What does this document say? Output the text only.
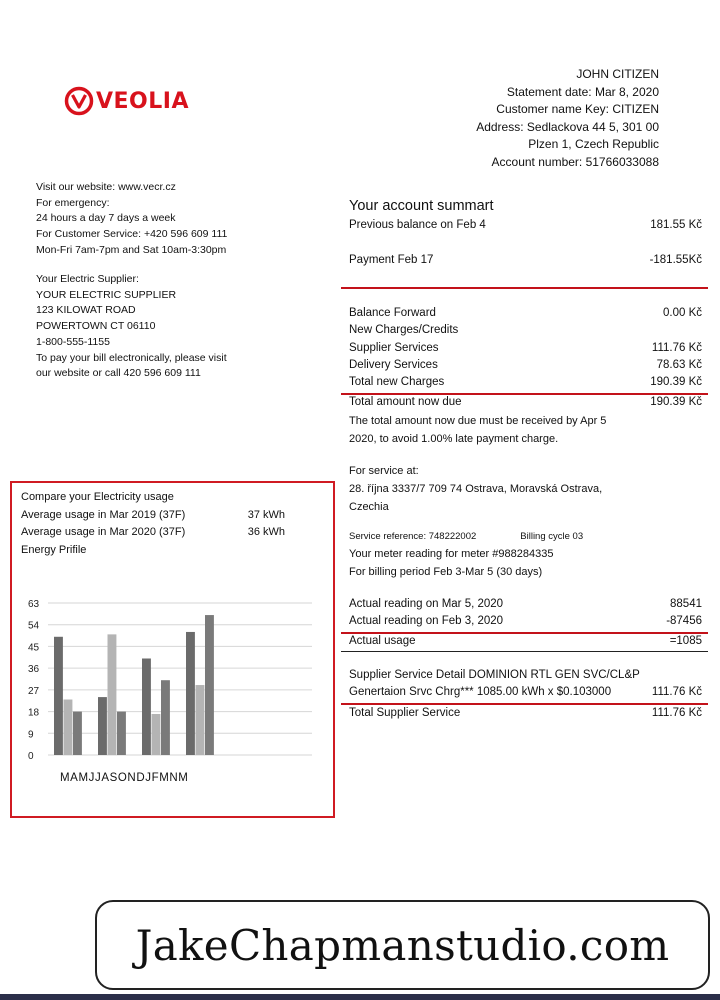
VEOLIA
JOHN CITIZEN
Statement date: Mar 8, 2020
Customer name Key: CITIZEN
Address: Sedlackova 44 5, 301 00
Plzen 1, Czech Republic
Account number: 51766033088
Visit our website: www.vecr.cz
For emergency:
24 hours a day 7 days a week
For Customer Service: +420 596 609 111
Mon-Fri 7am-7pm and Sat 10am-3:30pm
Your Electric Supplier:
YOUR ELECTRIC SUPPLIER
123 KILOWAT ROAD
POWERTOWN CT 06110
1-800-555-1155
To pay your bill electronically, please visit
our website or call 420 596 609 111
Your account summart
Previous balance on Feb 4	181.55 Kč
Payment Feb 17	-181.55Kč
Balance Forward	0.00 Kč
New Charges/Credits
Supplier Services	111.76 Kč
Delivery Services	78.63 Kč
Total new Charges	190.39 Kč
Total amount now due	190.39 Kč
The total amount now due must be received by Apr 5
2020, to avoid 1.00% late payment charge.
For service at:
28. října 3337/7 709 74 Ostrava, Moravská Ostrava,
Czechia
Service reference: 748222002	Billing cycle 03
Your meter reading for meter #988284335
For billing period Feb 3-Mar 5 (30 days)
Actual reading on Mar 5, 2020	88541
Actual reading on Feb 3, 2020	-87456
Actual usage	=1085
Supplier Service Detail DOMINION RTL GEN SVC/CL&P
Genertaion Srvc Chrg*** 1085.00 kWh x $0.103000	111.76 Kč
Total Supplier Service	111.76 Kč
Compare your Electricity usage
Average usage in Mar 2019 (37F)	37 kWh
Average usage in Mar 2020 (37F)	36 kWh
Energy Prifile
0
9
18
27
36
45
54
63
MAMJJASONDJFMNM
JakeChapmanstudio.com
